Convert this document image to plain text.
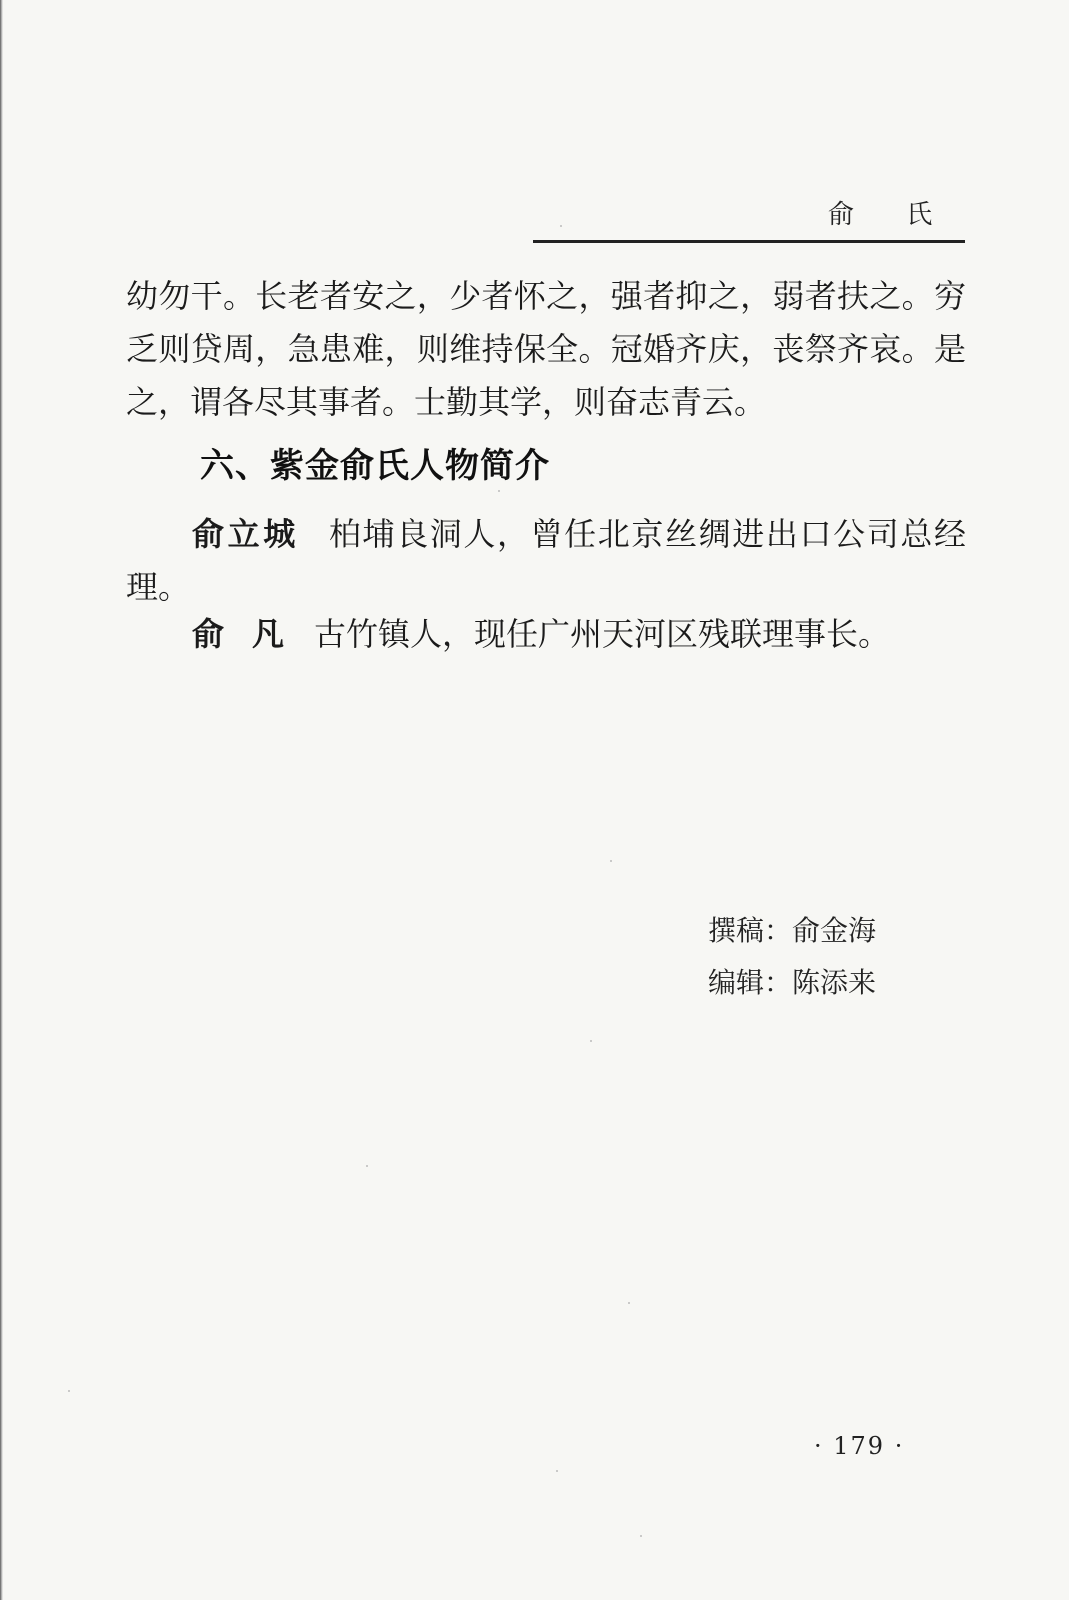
俞 氏
幼勿干。长老者安之，少者怀之，强者抑之，弱者扶之。穷乏则贷周，急患难，则维持保全。冠婚齐庆，丧祭齐哀。是之，谓各尽其事者。士勤其学，则奋志青云。
六、紫金俞氏人物简介
俞立城 柏埔良洞人，曾任北京丝绸进出口公司总经理。
俞凡古竹镇人，现任广州天河区残联理事长。
撰稿：俞金海
编辑：陈添来
· 179 ·
